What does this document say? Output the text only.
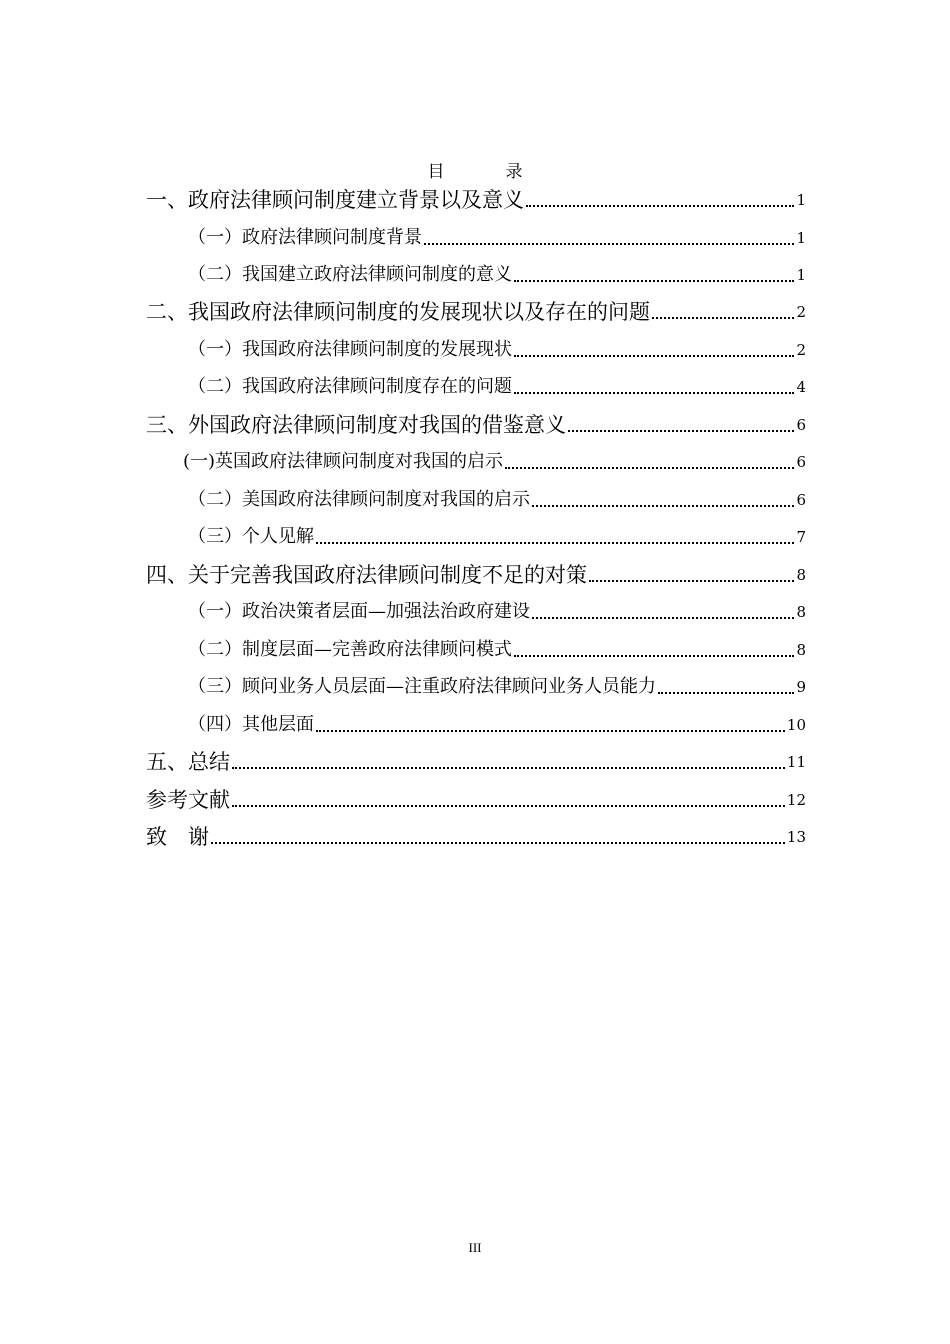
目　录
一、政府法律顾问制度建立背景以及意义	1
（一）政府法律顾问制度背景	1
（二）我国建立政府法律顾问制度的意义	1
二、我国政府法律顾问制度的发展现状以及存在的问题	2
（一）我国政府法律顾问制度的发展现状	2
（二）我国政府法律顾问制度存在的问题	4
三、外国政府法律顾问制度对我国的借鉴意义	6
(一)英国政府法律顾问制度对我国的启示	6
（二）美国政府法律顾问制度对我国的启示	6
（三）个人见解	7
四、关于完善我国政府法律顾问制度不足的对策	8
（一）政治决策者层面—加强法治政府建设	8
（二）制度层面—完善政府法律顾问模式	8
（三）顾问业务人员层面—注重政府法律顾问业务人员能力	9
（四）其他层面	10
五、总结	11
参考文献	12
致　谢	13
III
